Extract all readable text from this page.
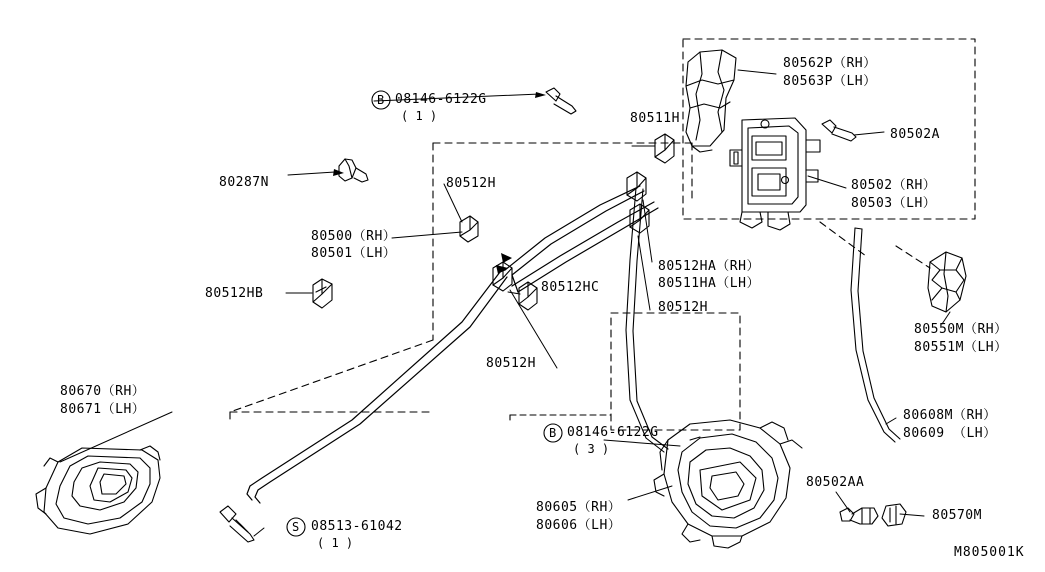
08146-6122G
( 1 )
B
80287N
80500（RH）
80501（LH）
80512H
80512HB	80512HC
80512H
80511H
80512HA（RH）
80511HA（LH）
80512H
80562P（RH）
80563P（LH）
80502A
80502（RH）
80503（LH）
80550M（RH）
80551M（LH）
80608M（RH）
80609 （LH）
80670（RH）
80671（LH）
08146-6122G
( 3 )
B
80605（RH）
80606（LH）
80502AA
80570M
08513-61042
( 1 )
S
M805001K
